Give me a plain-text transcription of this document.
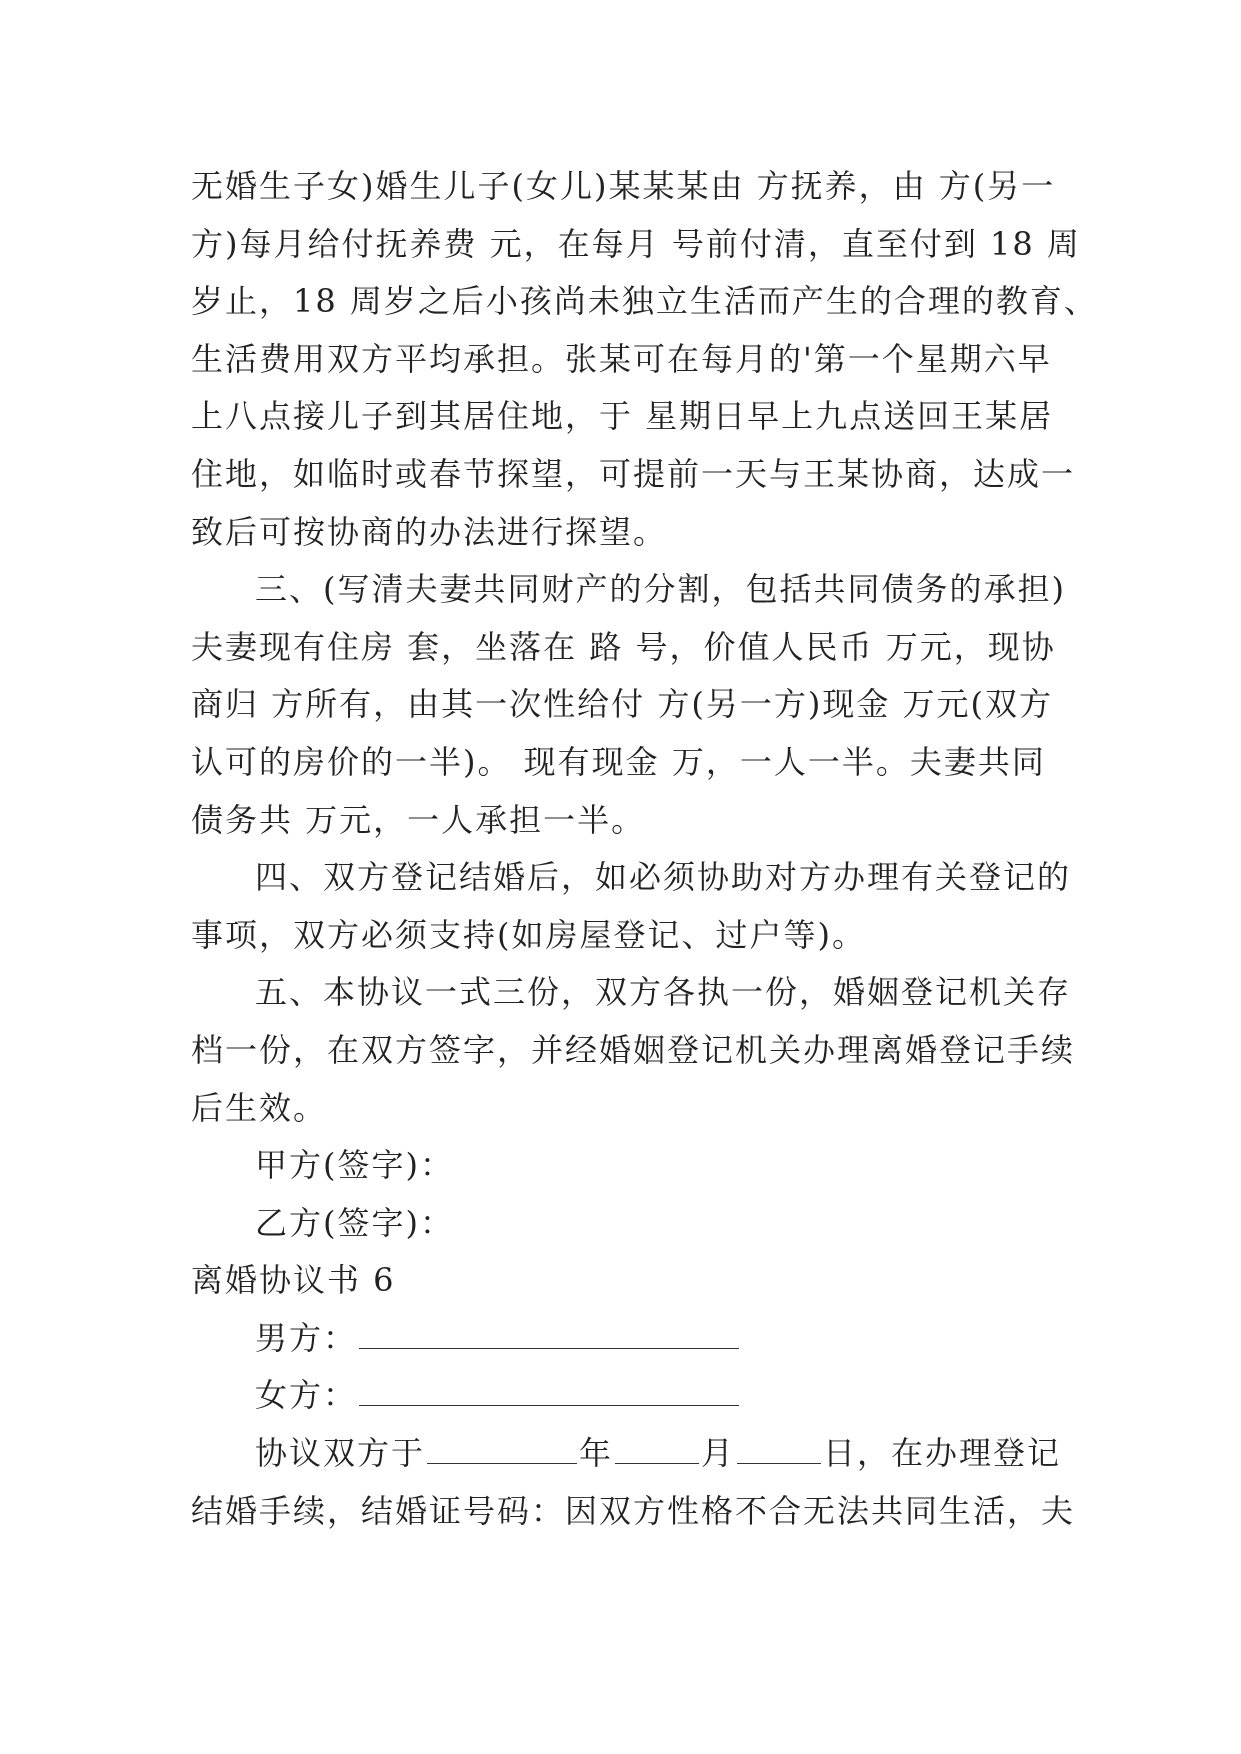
无婚生子女)婚生儿子(女儿)某某某由 方抚养，由 方(另一

方)每月给付抚养费 元，在每月 号前付清，直至付到 18 周

岁止，18 周岁之后小孩尚未独立生活而产生的合理的教育、

生活费用双方平均承担。张某可在每月的'第一个星期六早

上八点接儿子到其居住地，于 星期日早上九点送回王某居

住地，如临时或春节探望，可提前一天与王某协商，达成一

致后可按协商的办法进行探望。

三、(写清夫妻共同财产的分割，包括共同债务的承担)

夫妻现有住房 套，坐落在 路 号，价值人民币 万元，现协

商归 方所有，由其一次性给付 方(另一方)现金 万元(双方

认可的房价的一半)。 现有现金 万，一人一半。夫妻共同

债务共 万元，一人承担一半。

四、双方登记结婚后，如必须协助对方办理有关登记的

事项，双方必须支持(如房屋登记、过户等)。

五、本协议一式三份，双方各执一份，婚姻登记机关存

档一份，在双方签字，并经婚姻登记机关办理离婚登记手续

后生效。

甲方(签字)：

乙方(签字)：

离婚协议书 6

男方：

女方：

协议双方于	年	月	日，在办理登记

结婚手续，结婚证号码：因双方性格不合无法共同生活，夫
